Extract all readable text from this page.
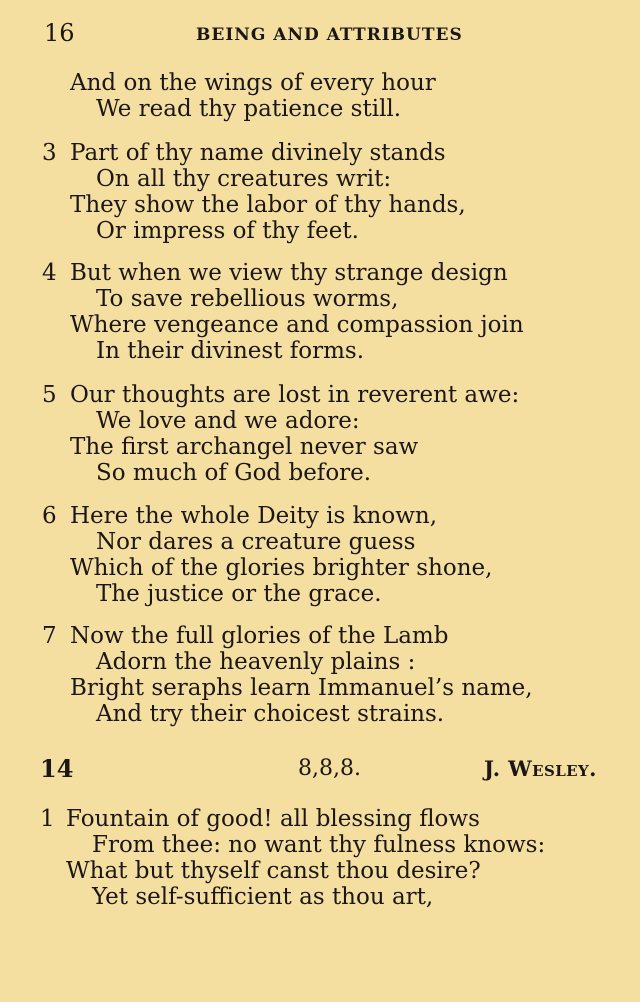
16	BEING AND ATTRIBUTES
And on the wings of every hour
We read thy patience still.
3 Part of thy name divinely stands
On all thy creatures writ:
They show the labor of thy hands,
Or impress of thy feet.
4 But when we view thy strange design
To save rebellious worms,
Where vengeance and compassion join
In their divinest forms.
5 Our thoughts are lost in reverent awe:
We love and we adore:
The first archangel never saw
So much of God before.
6 Here the whole Deity is known,
Nor dares a creature guess
Which of the glories brighter shone,
The justice or the grace.
7 Now the full glories of the Lamb
Adorn the heavenly plains :
Bright seraphs learn Immanuel’s name,
And try their choicest strains.
14	8,8,8.	J. Wesley.
1 Fountain of good! all blessing flows
From thee: no want thy fulness knows:
What but thyself canst thou desire?
Yet self-sufficient as thou art,
